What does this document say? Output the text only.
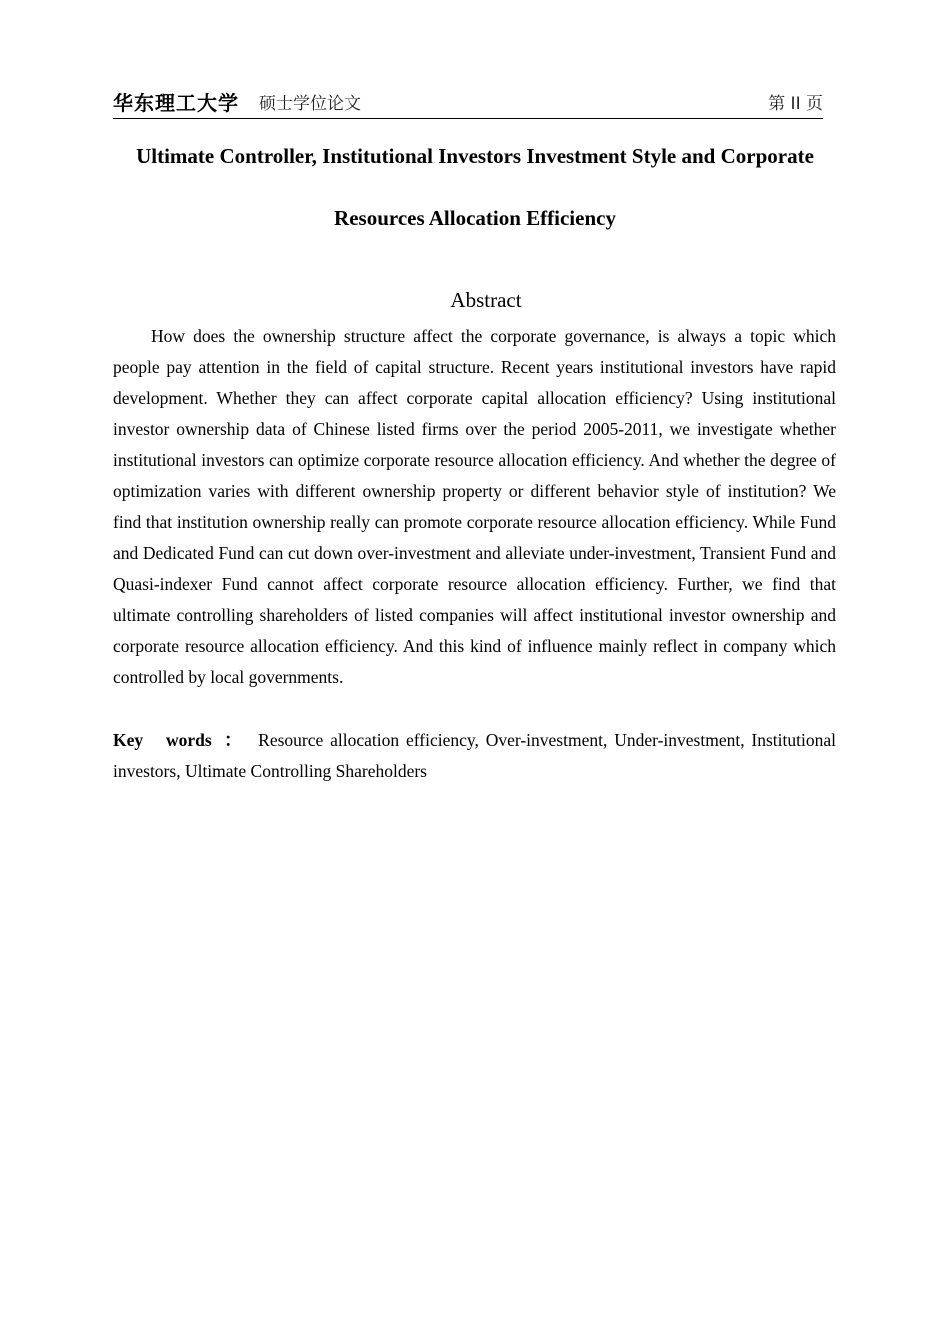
华东理工大学 硕士学位论文	第 II 页
Ultimate Controller, Institutional Investors Investment Style and Corporate
Resources Allocation Efficiency
Abstract

How does the ownership structure affect the corporate governance, is always a topic which people pay attention in the field of capital structure. Recent years institutional investors have rapid development. Whether they can affect corporate capital allocation efficiency? Using institutional investor ownership data of Chinese listed firms over the period 2005-2011, we investigate whether institutional investors can optimize corporate resource allocation efficiency. And whether the degree of optimization varies with different ownership property or different behavior style of institution? We find that institution ownership really can promote corporate resource allocation efficiency. While Fund and Dedicated Fund can cut down over-investment and alleviate under-investment, Transient Fund and Quasi-indexer Fund cannot affect corporate resource allocation efficiency. Further, we find that ultimate controlling shareholders of listed companies will affect institutional investor ownership and corporate resource allocation efficiency. And this kind of influence mainly reflect in company which controlled by local governments.

Key words ： Resource allocation efficiency, Over-investment, Under-investment, Institutional investors, Ultimate Controlling Shareholders
